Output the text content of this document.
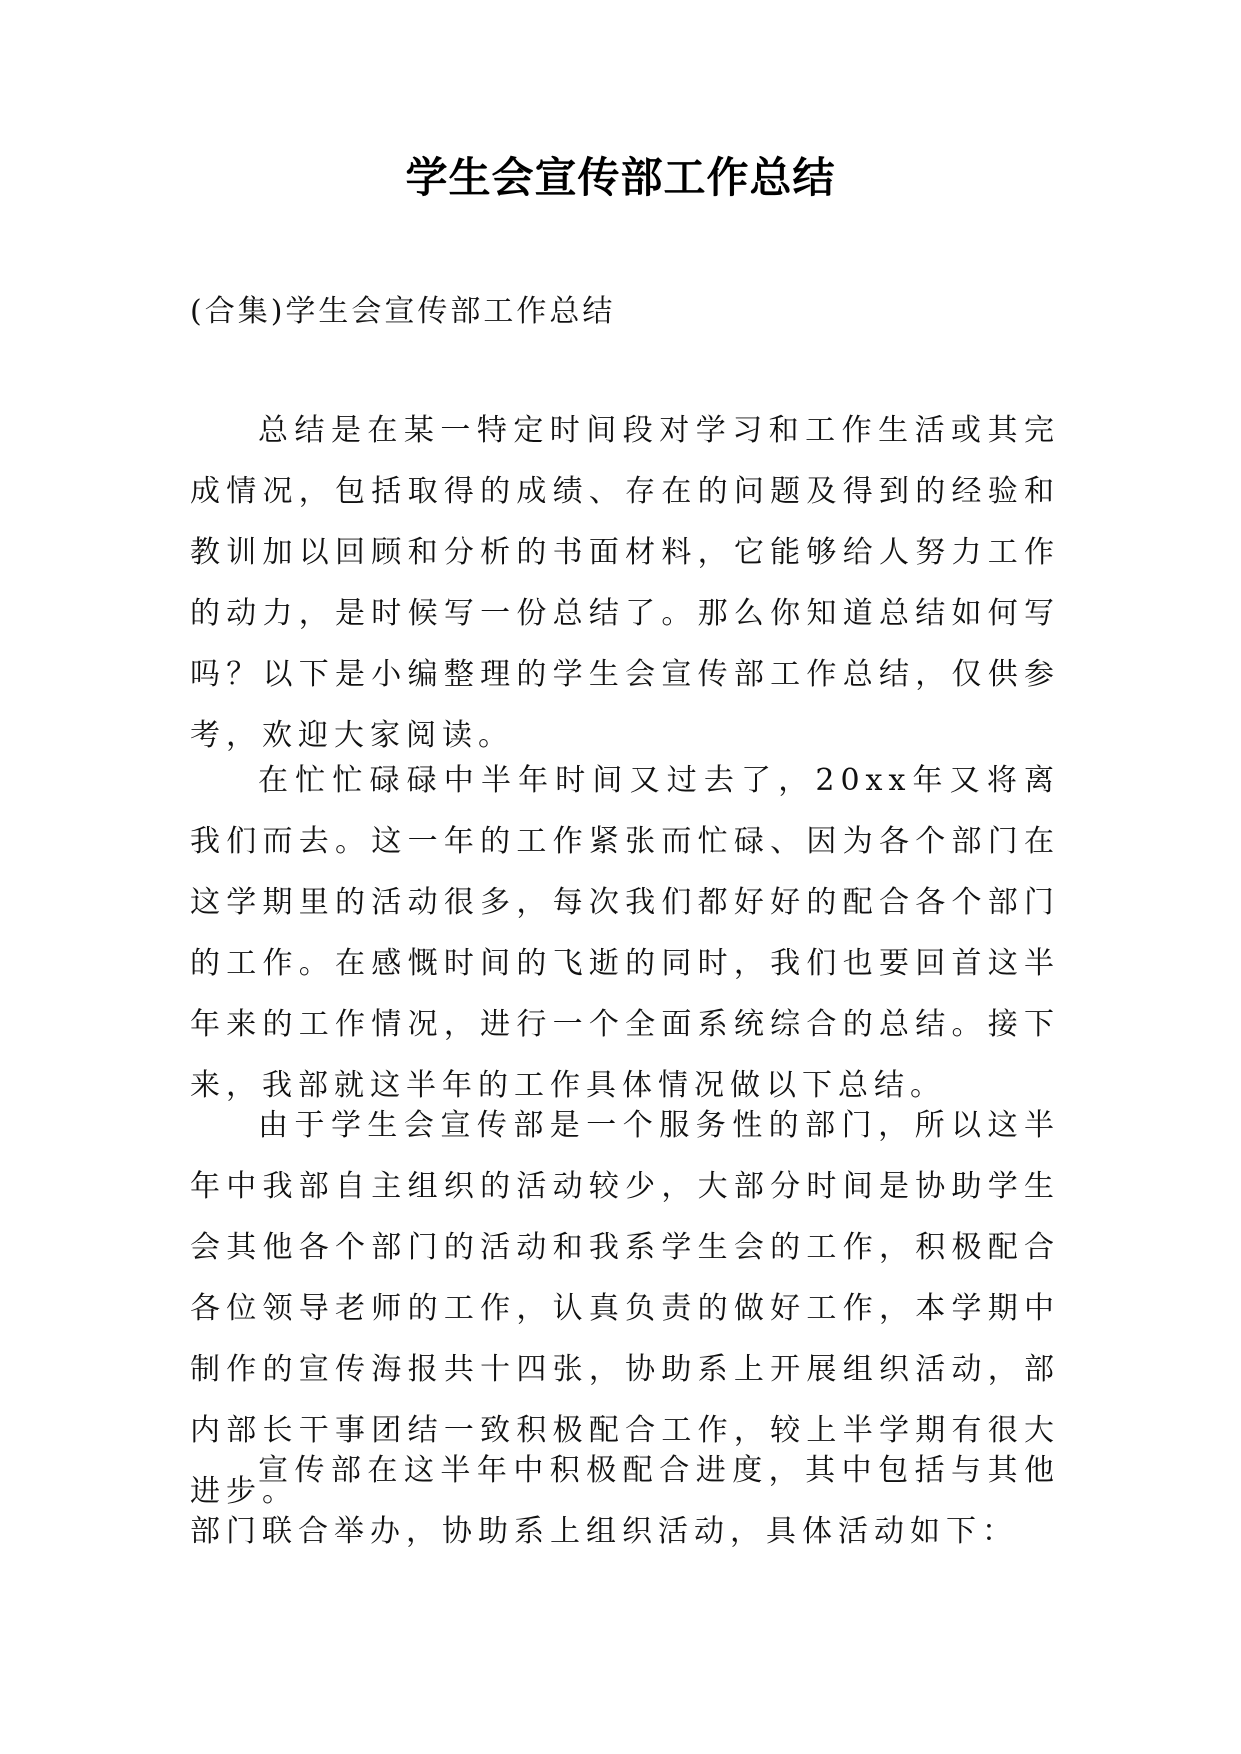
学生会宣传部工作总结
(合集)学生会宣传部工作总结

总结是在某一特定时间段对学习和工作生活或其完成情况，包括取得的成绩、存在的问题及得到的经验和教训加以回顾和分析的书面材料，它能够给人努力工作的动力，是时候写一份总结了。那么你知道总结如何写吗？以下是小编整理的学生会宣传部工作总结，仅供参考，欢迎大家阅读。

在忙忙碌碌中半年时间又过去了，20xx年又将离我们而去。这一年的工作紧张而忙碌、因为各个部门在这学期里的活动很多，每次我们都好好的配合各个部门的工作。在感慨时间的飞逝的同时，我们也要回首这半年来的工作情况，进行一个全面系统综合的总结。接下来，我部就这半年的工作具体情况做以下总结。

由于学生会宣传部是一个服务性的部门，所以这半年中我部自主组织的活动较少，大部分时间是协助学生会其他各个部门的活动和我系学生会的工作，积极配合各位领导老师的工作，认真负责的做好工作，本学期中制作的宣传海报共十四张，协助系上开展组织活动，部内部长干事团结一致积极配合工作，较上半学期有很大进步。

宣传部在这半年中积极配合进度，其中包括与其他部门联合举办，协助系上组织活动，具体活动如下：
